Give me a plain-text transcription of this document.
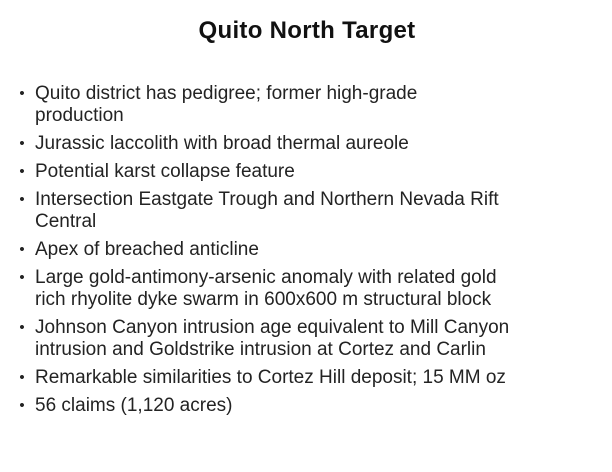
Quito North Target
• Quito district has pedigree; former high-grade
production
• Jurassic laccolith with broad thermal aureole
• Potential karst collapse feature
• Intersection Eastgate Trough and Northern Nevada Rift
Central
• Apex of breached anticline
• Large gold-antimony-arsenic anomaly with related gold
rich rhyolite dyke swarm in 600x600 m structural block
• Johnson Canyon intrusion age equivalent to Mill Canyon
intrusion and Goldstrike intrusion at Cortez and Carlin
• Remarkable similarities to Cortez Hill deposit; 15 MM oz
• 56 claims (1,120 acres)
